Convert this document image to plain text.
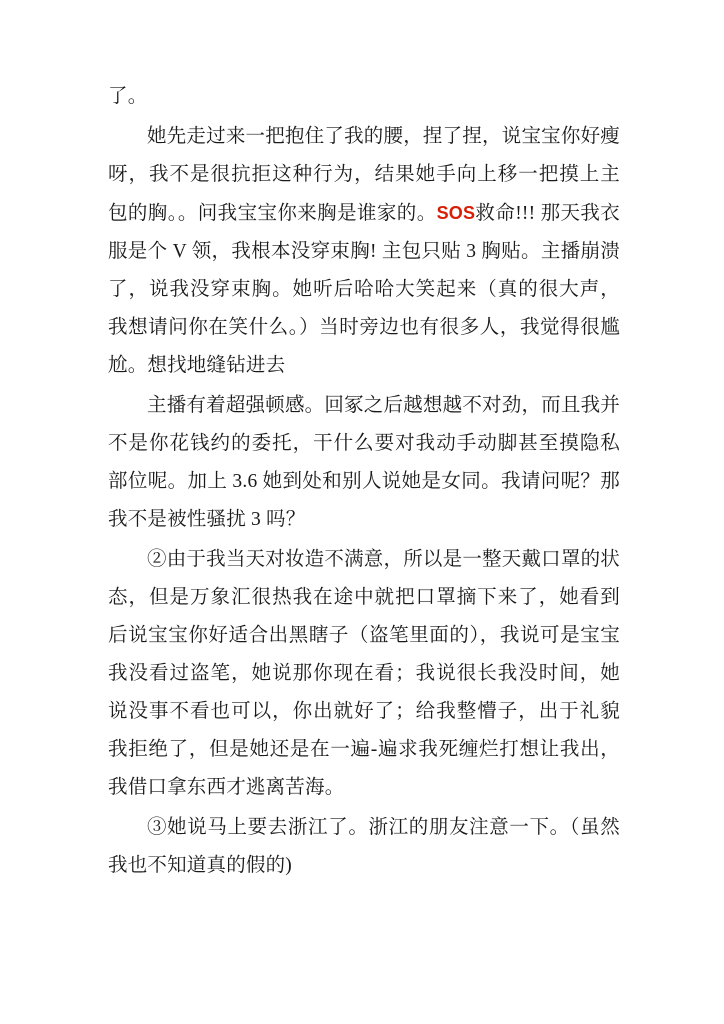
了。

她先走过来一把抱住了我的腰，捏了捏，说宝宝你好瘦呀，我不是很抗拒这种行为，结果她手向上移一把摸上主包的胸。。问我宝宝你来胸是谁家的。SOS救命!!! 那天我衣服是个 V 领，我根本没穿束胸! 主包只贴 3 胸贴。主播崩溃了，说我没穿束胸。她听后哈哈大笑起来（真的很大声，我想请问你在笑什么。）当时旁边也有很多人，我觉得很尴尬。想找地缝钻进去

主播有着超强顿感。回冢之后越想越不对劲，而且我并不是你花钱约的委托，干什么要对我动手动脚甚至摸隐私部位呢。加上 3.6 她到处和别人说她是女同。我请问呢？那我不是被性骚扰 3 吗？

②由于我当天对妆造不满意，所以是一整天戴口罩的状态，但是万象汇很热我在途中就把口罩摘下来了，她看到后说宝宝你好适合出黑瞎子（盗笔里面的），我说可是宝宝我没看过盗笔，她说那你现在看；我说很长我没时间，她说没事不看也可以，你出就好了；给我整懵子，出于礼貌我拒绝了，但是她还是在一遍-遍求我死缠烂打想让我出，我借口拿东西才逃离苦海。

③她说马上要去浙江了。浙江的朋友注意一下。（虽然我也不知道真的假的)
